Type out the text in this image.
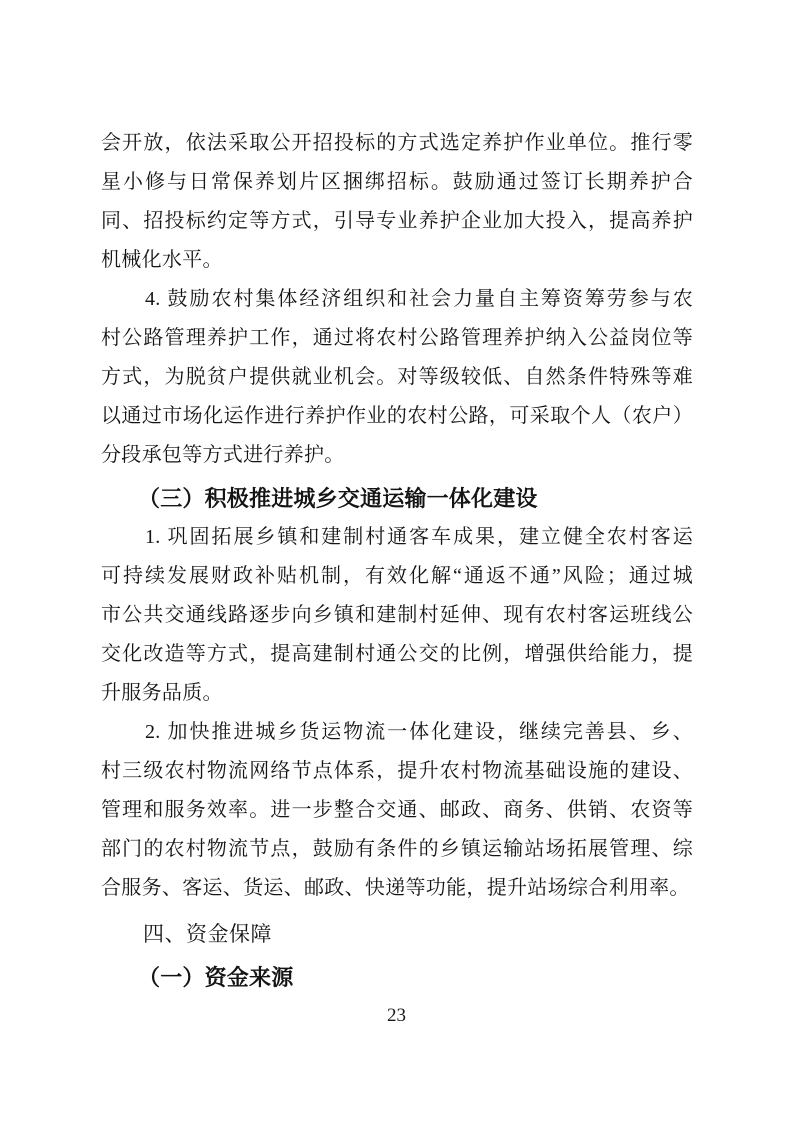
会开放，依法采取公开招投标的方式选定养护作业单位。推行零
星小修与日常保养划片区捆绑招标。鼓励通过签订长期养护合
同、招投标约定等方式，引导专业养护企业加大投入，提高养护
机械化水平。
4. 鼓励农村集体经济组织和社会力量自主筹资筹劳参与农
村公路管理养护工作，通过将农村公路管理养护纳入公益岗位等
方式，为脱贫户提供就业机会。对等级较低、自然条件特殊等难
以通过市场化运作进行养护作业的农村公路，可采取个人（农户）
分段承包等方式进行养护。
（三）积极推进城乡交通运输一体化建设
1. 巩固拓展乡镇和建制村通客车成果，建立健全农村客运
可持续发展财政补贴机制，有效化解“通返不通”风险；通过城
市公共交通线路逐步向乡镇和建制村延伸、现有农村客运班线公
交化改造等方式，提高建制村通公交的比例，增强供给能力，提
升服务品质。
2. 加快推进城乡货运物流一体化建设，继续完善县、乡、
村三级农村物流网络节点体系，提升农村物流基础设施的建设、
管理和服务效率。进一步整合交通、邮政、商务、供销、农资等
部门的农村物流节点，鼓励有条件的乡镇运输站场拓展管理、综
合服务、客运、货运、邮政、快递等功能，提升站场综合利用率。
四、资金保障
（一）资金来源
23
